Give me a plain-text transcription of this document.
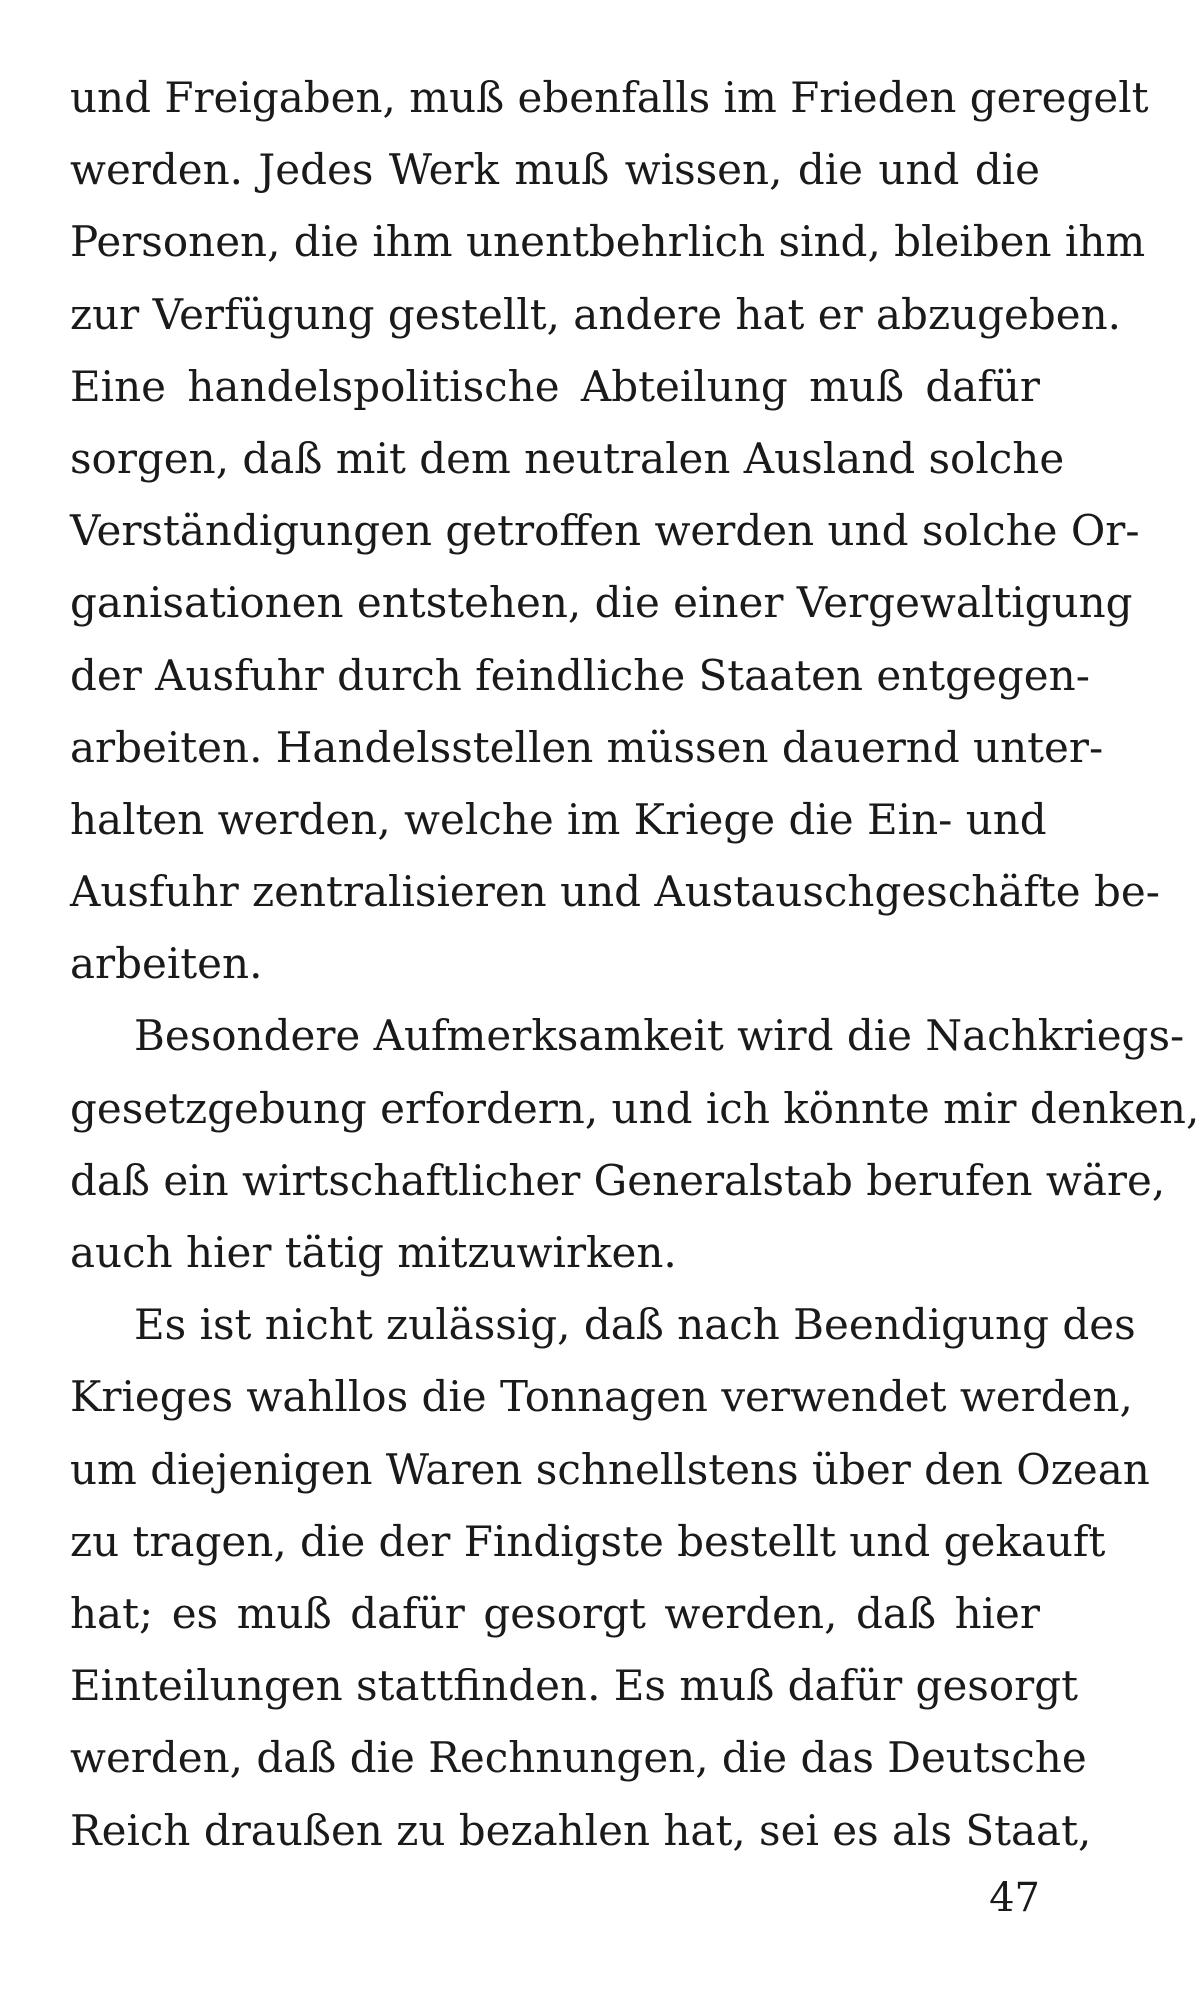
und Freigaben, muß ebenfalls im Frieden geregelt
werden. Jedes Werk muß wissen, die und die
Personen, die ihm unentbehrlich sind, bleiben ihm
zur Verfügung gestellt, andere hat er abzugeben.
Eine handelspolitische Abteilung muß dafür
sorgen, daß mit dem neutralen Ausland solche
Verständigungen getroffen werden und solche Or-
ganisationen entstehen, die einer Vergewaltigung
der Ausfuhr durch feindliche Staaten entgegen-
arbeiten. Handelsstellen müssen dauernd unter-
halten werden, welche im Kriege die Ein- und
Ausfuhr zentralisieren und Austauschgeschäfte be-
arbeiten.
Besondere Aufmerksamkeit wird die Nachkriegs-
gesetzgebung erfordern, und ich könnte mir denken,
daß ein wirtschaftlicher Generalstab berufen wäre,
auch hier tätig mitzuwirken.
Es ist nicht zulässig, daß nach Beendigung des
Krieges wahllos die Tonnagen verwendet werden,
um diejenigen Waren schnellstens über den Ozean
zu tragen, die der Findigste bestellt und gekauft
hat; es muß dafür gesorgt werden, daß hier
Einteilungen stattfinden. Es muß dafür gesorgt
werden, daß die Rechnungen, die das Deutsche
Reich draußen zu bezahlen hat, sei es als Staat,
47
